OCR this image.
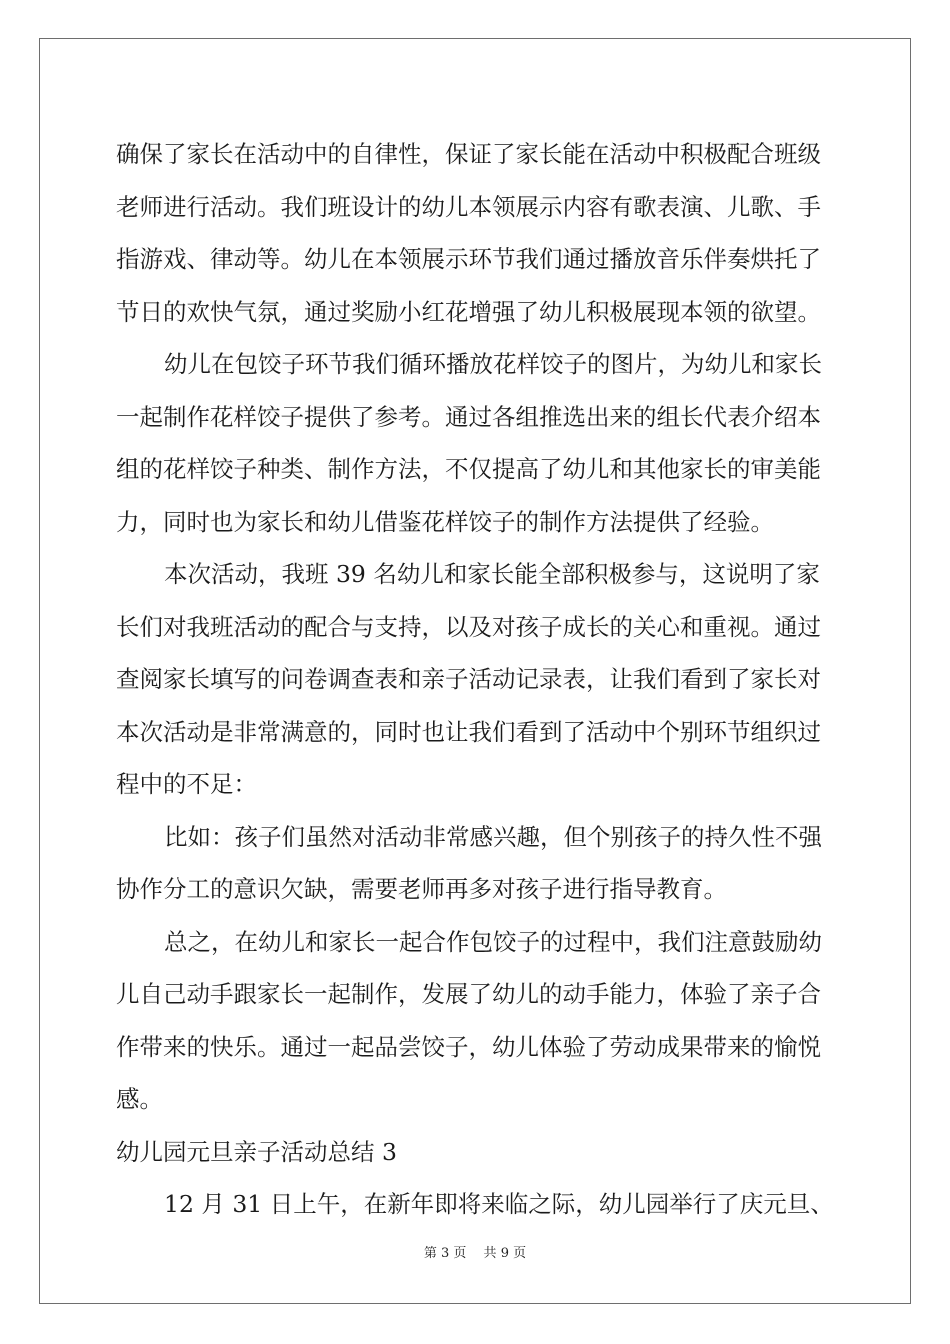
确保了家长在活动中的自律性，保证了家长能在活动中积极配合班级
老师进行活动。我们班设计的幼儿本领展示内容有歌表演、儿歌、手
指游戏、律动等。幼儿在本领展示环节我们通过播放音乐伴奏烘托了
节日的欢快气氛，通过奖励小红花增强了幼儿积极展现本领的欲望。
幼儿在包饺子环节我们循环播放花样饺子的图片，为幼儿和家长
一起制作花样饺子提供了参考。通过各组推选出来的组长代表介绍本
组的花样饺子种类、制作方法，不仅提高了幼儿和其他家长的审美能
力，同时也为家长和幼儿借鉴花样饺子的制作方法提供了经验。
本次活动，我班 39 名幼儿和家长能全部积极参与，这说明了家
长们对我班活动的配合与支持，以及对孩子成长的关心和重视。通过
查阅家长填写的问卷调查表和亲子活动记录表，让我们看到了家长对
本次活动是非常满意的，同时也让我们看到了活动中个别环节组织过
程中的不足：
比如：孩子们虽然对活动非常感兴趣，但个别孩子的持久性不强
协作分工的意识欠缺，需要老师再多对孩子进行指导教育。
总之，在幼儿和家长一起合作包饺子的过程中，我们注意鼓励幼
儿自己动手跟家长一起制作，发展了幼儿的动手能力，体验了亲子合
作带来的快乐。通过一起品尝饺子，幼儿体验了劳动成果带来的愉悦
感。
幼儿园元旦亲子活动总结 3
12 月 31 日上午，在新年即将来临之际，幼儿园举行了庆元旦、
第 3 页　 共 9 页
